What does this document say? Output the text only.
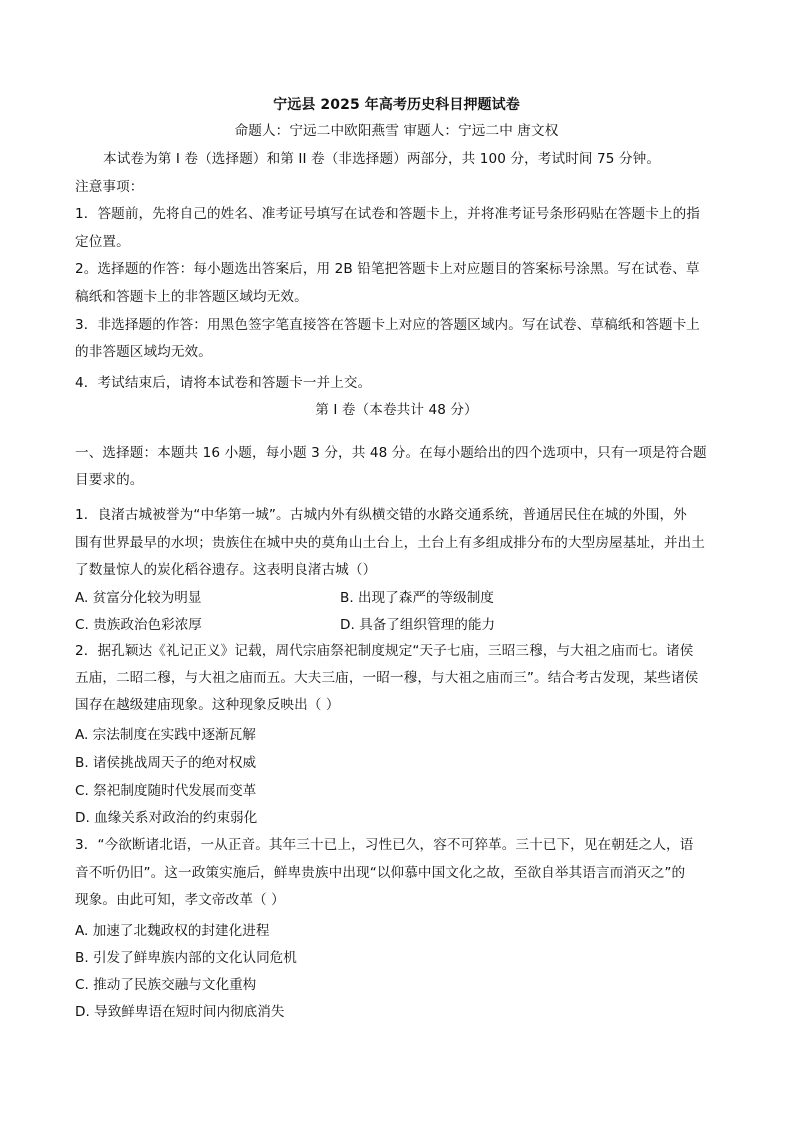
宁远县 2025 年高考历史科目押题试卷
命题人：宁远二中欧阳燕雪 审题人：宁远二中 唐文权
本试卷为第 I 卷（选择题）和第 II 卷（非选择题）两部分，共 100 分，考试时间 75 分钟。
注意事项：
1．答题前，先将自己的姓名、准考证号填写在试卷和答题卡上，并将准考证号条形码贴在答题卡上的指
定位置。
2。选择题的作答：每小题选出答案后，用 2B 铅笔把答题卡上对应题目的答案标号涂黑。写在试卷、草
稿纸和答题卡上的非答题区域均无效。
3．非选择题的作答：用黑色签字笔直接答在答题卡上对应的答题区域内。写在试卷、草稿纸和答题卡上
的非答题区域均无效。
4．考试结束后，请将本试卷和答题卡一并上交。
第 I 卷（本卷共计 48 分）
一、选择题：本题共 16 小题，每小题 3 分，共 48 分。在每小题给出的四个选项中，只有一项是符合题
目要求的。
1．良渚古城被誉为“中华第一城”。古城内外有纵横交错的水路交通系统，普通居民住在城的外围，外
围有世界最早的水坝；贵族住在城中央的莫角山土台上，土台上有多组成排分布的大型房屋基址，并出土
了数量惊人的炭化稻谷遗存。这表明良渚古城（）
A. 贫富分化较为明显	B. 出现了森严的等级制度
C. 贵族政治色彩浓厚	D. 具备了组织管理的能力
2．据孔颖达《礼记正义》记载，周代宗庙祭祀制度规定“天子七庙，三昭三穆，与大祖之庙而七。诸侯
五庙，二昭二穆，与大祖之庙而五。大夫三庙，一昭一穆，与大祖之庙而三”。结合考古发现，某些诸侯
国存在越级建庙现象。这种现象反映出（ ）
A. 宗法制度在实践中逐渐瓦解
B. 诸侯挑战周天子的绝对权威
C. 祭祀制度随时代发展而变革
D. 血缘关系对政治的约束弱化
3．“今欲断诸北语，一从正音。其年三十已上，习性已久，容不可猝革。三十已下，见在朝廷之人，语
音不听仍旧”。这一政策实施后，鲜卑贵族中出现“以仰慕中国文化之故，至欲自举其语言而消灭之”的
现象。由此可知，孝文帝改革（ ）
A. 加速了北魏政权的封建化进程
B. 引发了鲜卑族内部的文化认同危机
C. 推动了民族交融与文化重构
D. 导致鲜卑语在短时间内彻底消失
